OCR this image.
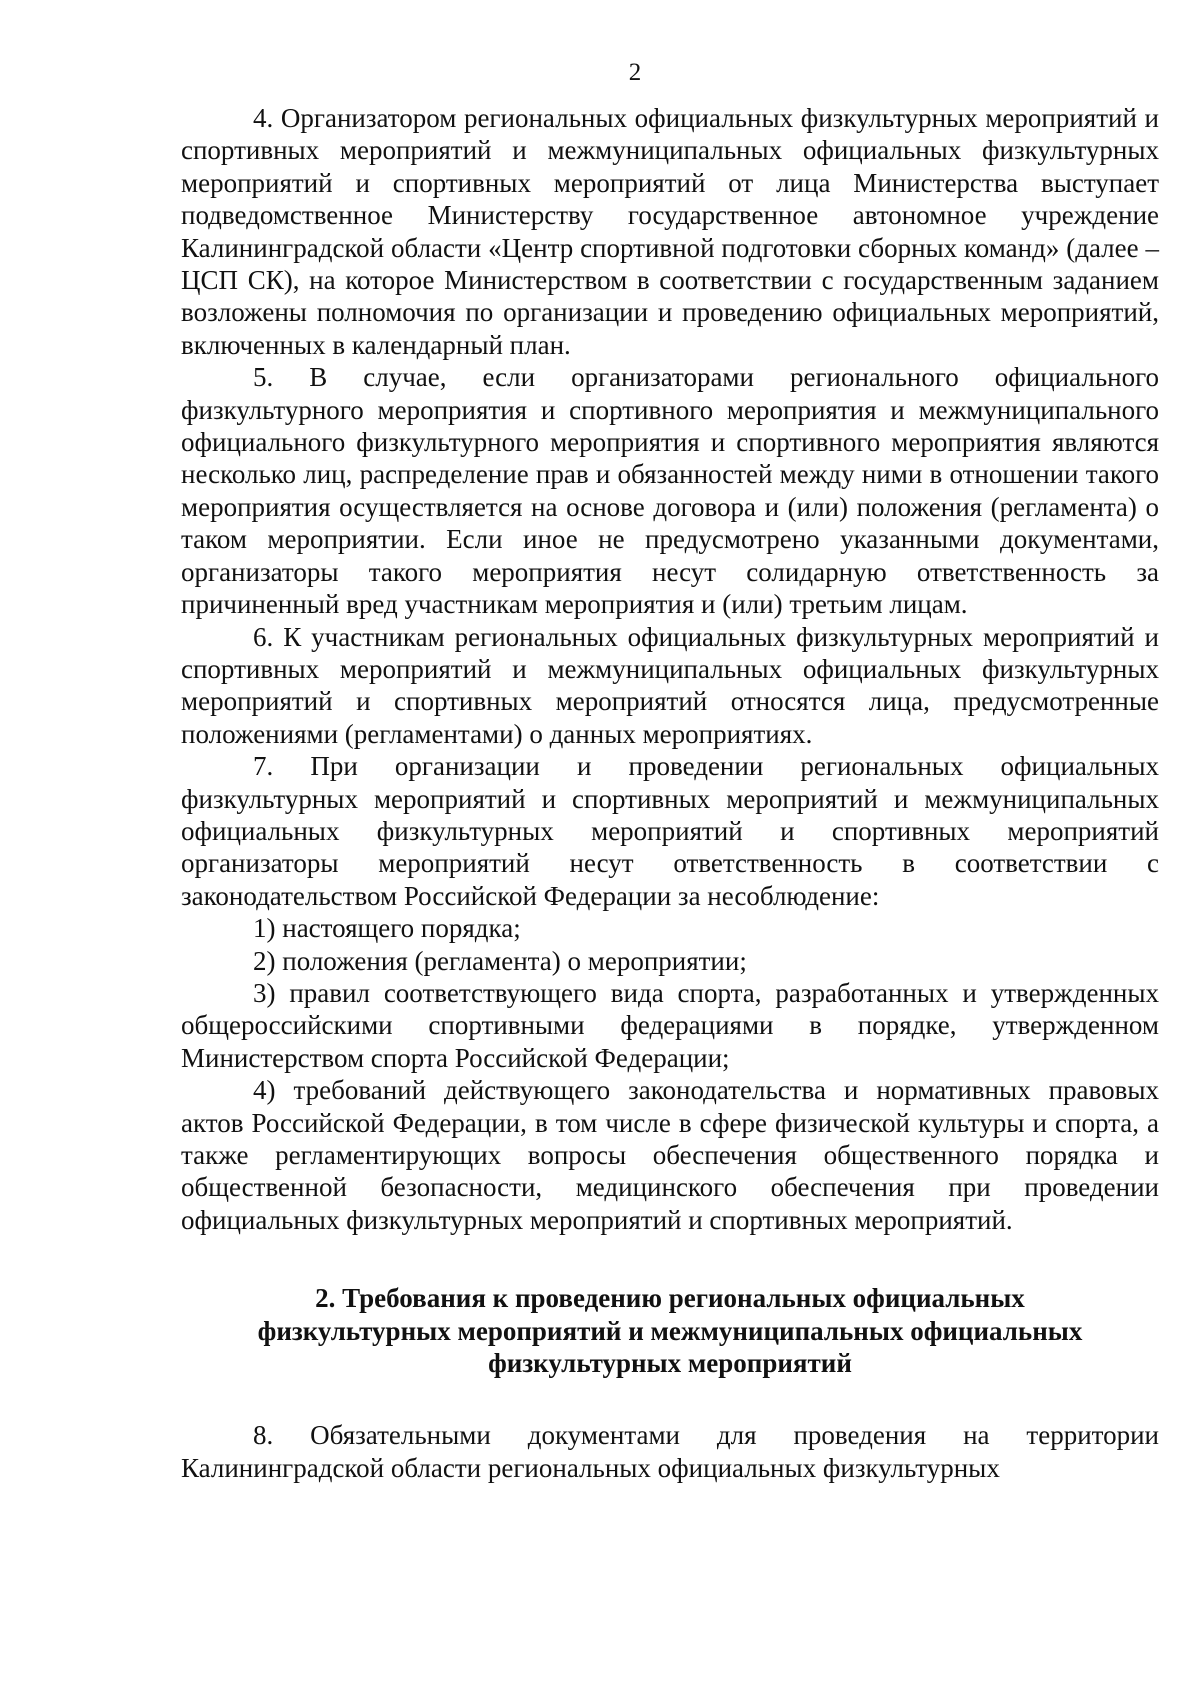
2

4. Организатором региональных официальных физкультурных мероприятий и спортивных мероприятий и межмуниципальных официальных физкультурных мероприятий и спортивных мероприятий от лица Министерства выступает подведомственное Министерству государственное автономное учреждение Калининградской области «Центр спортивной подготовки сборных команд» (далее – ЦСП СК), на которое Министерством в соответствии с государственным заданием возложены полномочия по организации и проведению официальных мероприятий, включенных в календарный план.

5. В случае, если организаторами регионального официального физкультурного мероприятия и спортивного мероприятия и межмуниципального официального физкультурного мероприятия и спортивного мероприятия являются несколько лиц, распределение прав и обязанностей между ними в отношении такого мероприятия осуществляется на основе договора и (или) положения (регламента) о таком мероприятии. Если иное не предусмотрено указанными документами, организаторы такого мероприятия несут солидарную ответственность за причиненный вред участникам мероприятия и (или) третьим лицам.

6. К участникам региональных официальных физкультурных мероприятий и спортивных мероприятий и межмуниципальных официальных физкультурных мероприятий и спортивных мероприятий относятся лица, предусмотренные положениями (регламентами) о данных мероприятиях.

7. При организации и проведении региональных официальных физкультурных мероприятий и спортивных мероприятий и межмуниципальных официальных физкультурных мероприятий и спортивных мероприятий организаторы мероприятий несут ответственность в соответствии с законодательством Российской Федерации за несоблюдение:

1) настоящего порядка;

2) положения (регламента) о мероприятии;

3) правил соответствующего вида спорта, разработанных и утвержденных общероссийскими спортивными федерациями в порядке, утвержденном Министерством спорта Российской Федерации;

4) требований действующего законодательства и нормативных правовых актов Российской Федерации, в том числе в сфере физической культуры и спорта, а также регламентирующих вопросы обеспечения общественного порядка и общественной безопасности, медицинского обеспечения при проведении официальных физкультурных мероприятий и спортивных мероприятий.

2. Требования к проведению региональных официальных
физкультурных мероприятий и межмуниципальных официальных
физкультурных мероприятий

8. Обязательными документами для проведения на территории Калининградской области региональных официальных физкультурных
